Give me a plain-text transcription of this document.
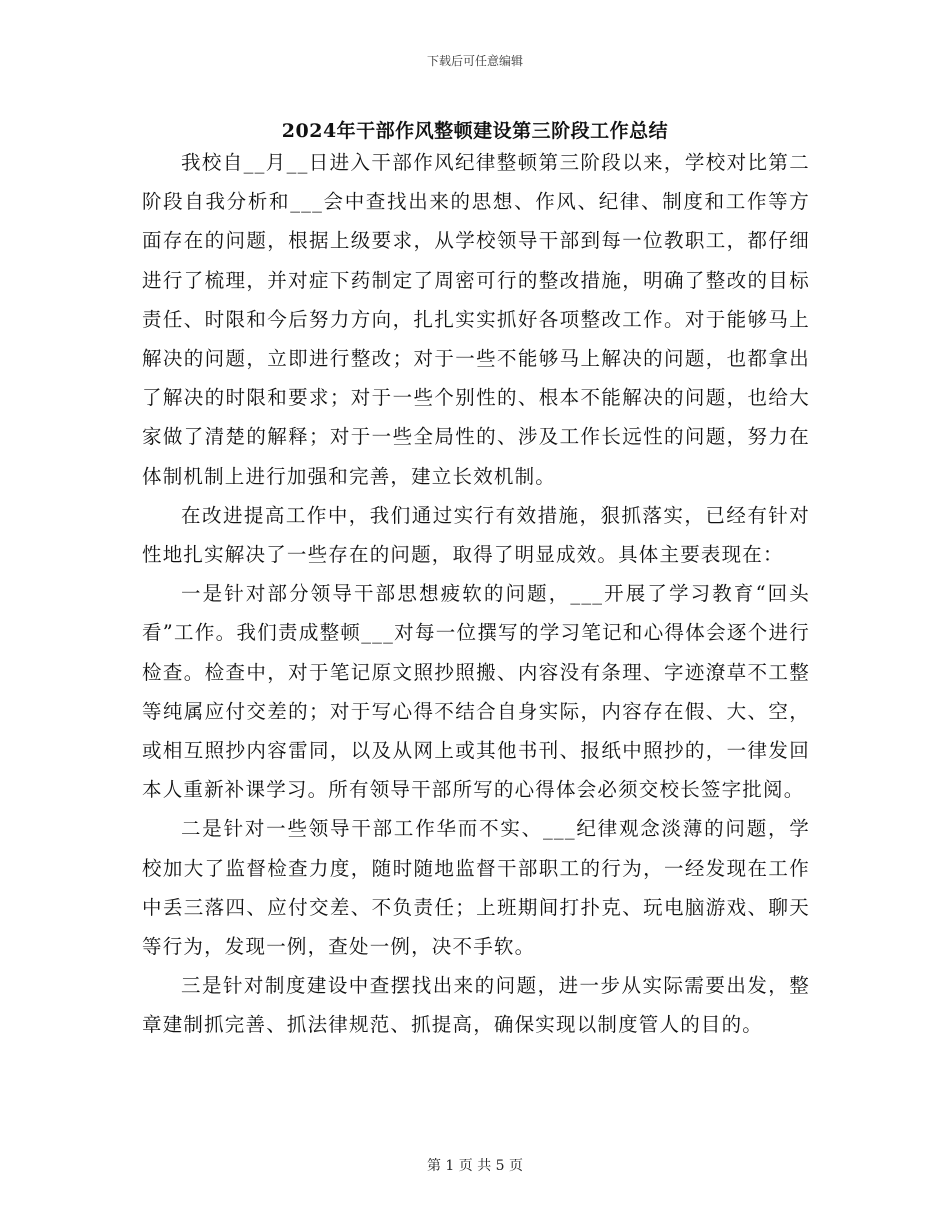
下载后可任意编辑
2024年干部作风整顿建设第三阶段工作总结

我校自__月__日进入干部作风纪律整顿第三阶段以来，学校对比第二阶段自我分析和___会中查找出来的思想、作风、纪律、制度和工作等方面存在的问题，根据上级要求，从学校领导干部到每一位教职工，都仔细进行了梳理，并对症下药制定了周密可行的整改措施，明确了整改的目标责任、时限和今后努力方向，扎扎实实抓好各项整改工作。对于能够马上解决的问题，立即进行整改；对于一些不能够马上解决的问题，也都拿出了解决的时限和要求；对于一些个别性的、根本不能解决的问题，也给大家做了清楚的解释；对于一些全局性的、涉及工作长远性的问题，努力在体制机制上进行加强和完善，建立长效机制。

在改进提高工作中，我们通过实行有效措施，狠抓落实，已经有针对性地扎实解决了一些存在的问题，取得了明显成效。具体主要表现在：

一是针对部分领导干部思想疲软的问题，___开展了学习教育“回头看”工作。我们责成整顿___对每一位撰写的学习笔记和心得体会逐个进行检查。检查中，对于笔记原文照抄照搬、内容没有条理、字迹潦草不工整等纯属应付交差的；对于写心得不结合自身实际，内容存在假、大、空，或相互照抄内容雷同，以及从网上或其他书刊、报纸中照抄的，一律发回本人重新补课学习。所有领导干部所写的心得体会必须交校长签字批阅。

二是针对一些领导干部工作华而不实、___纪律观念淡薄的问题，学校加大了监督检查力度，随时随地监督干部职工的行为，一经发现在工作中丢三落四、应付交差、不负责任；上班期间打扑克、玩电脑游戏、聊天等行为，发现一例，查处一例，决不手软。

三是针对制度建设中查摆找出来的问题，进一步从实际需要出发，整章建制抓完善、抓法律规范、抓提高，确保实现以制度管人的目的。

第 1 页 共 5 页
